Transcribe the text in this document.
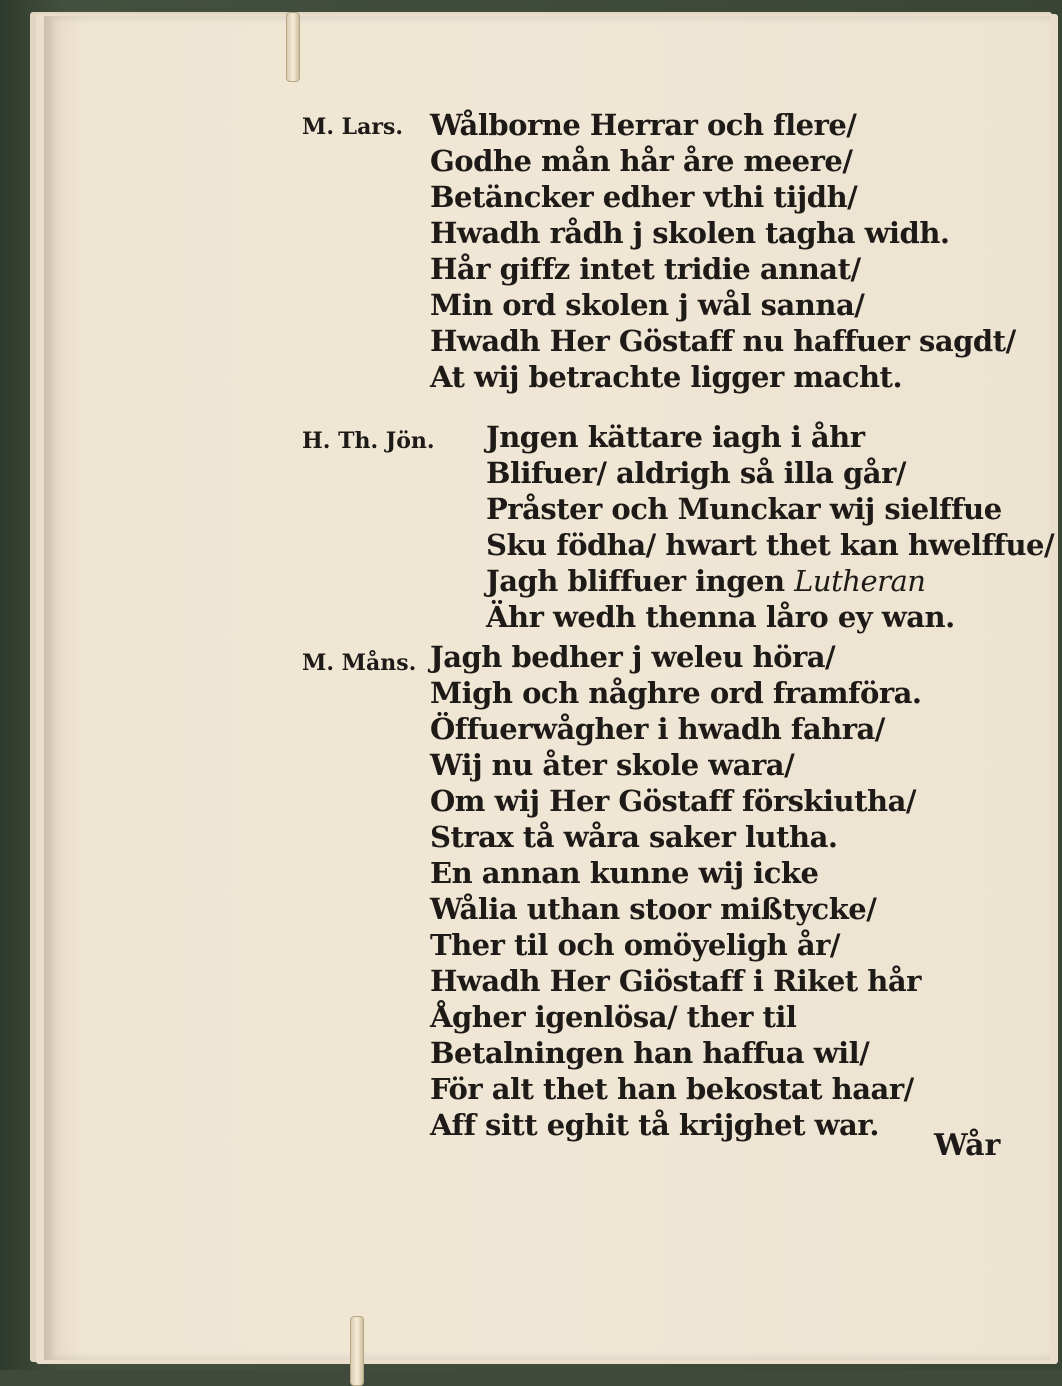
M. Lars. Wålborne Herrar och flere/
Godhe mån hår åre meere/
Betäncker edher vthi tijdh/
Hwadh rådh j skolen tagha widh.
Hår giffz intet tridie annat/
Min ord skolen j wål sanna/
Hwadh Her Göstaff nu haffuer sagdt/
At wij betrachte ligger macht.
H. Th. Jön. Jngen kättare iagh i åhr
Blifuer/ aldrigh så illa går/
Pråster och Munckar wij sielffue
Sku födha/ hwart thet kan hwelffue/
Jagh bliffuer ingen Lutheran
Ähr wedh thenna låro ey wan.
M. Måns. Jagh bedher j weleu höra/
Migh och någhre ord framföra.
Öffuerwågher i hwadh fahra/
Wij nu åter skole wara/
Om wij Her Göstaff förskiutha/
Strax tå wåra saker lutha.
En annan kunne wij icke
Wålia uthan stoor mißtycke/
Ther til och omöyeligh år/
Hwadh Her Giöstaff i Riket hår
Ågher igenlösa/ ther til
Betalningen han haffua wil/
För alt thet han bekostat haar/
Aff sitt eghit tå krijghet war.
Wår
